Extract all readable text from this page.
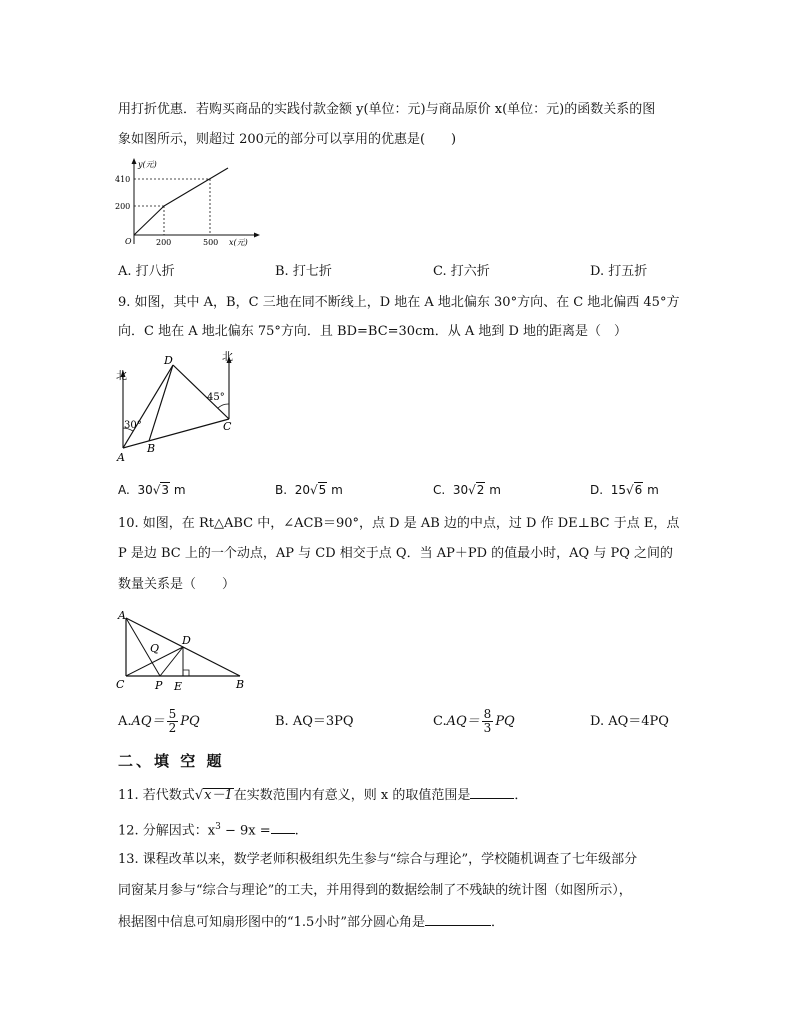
用打折优惠．若购买商品的实践付款金额 y(单位：元)与商品原价 x(单位：元)的函数关系的图
象如图所示，则超过 200元的部分可以享用的优惠是(　　)
y(元)
410
200
O	200	500 x(元)
A. 打八折	B. 打七折	C. 打六折	D. 打五折
9. 如图，其中 A，B，C 三地在同不断线上，D 地在 A 地北偏东 30°方向、在 C 地北偏西 45°方
向．C 地在 A 地北偏东 75°方向．且 BD=BC=30cm．从 A 地到 D 地的距离是（　）
北
北
30°
45°
A
B
C
D
A. 30√3 m	B. 20√5 m	C. 30√2 m	D. 15√6 m
10. 如图，在 Rt△ABC 中，∠ACB＝90°，点 D 是 AB 边的中点，过 D 作 DE⊥BC 于点 E，点
P 是边 BC 上的一个动点，AP 与 CD 相交于点 Q．当 AP＋PD 的值最小时，AQ 与 PQ 之间的
数量关系是（　　）
A
Q
D
C	P E	B
$A.AQ= \frac{5}{2}$ PQ	B. AQ＝3PQ	$C.AQ= \frac{8}{3}$ PQ	D. AQ＝4PQ
二、填 空 题
11. 若代数式√x－1在实数范围内有意义，则 x 的取值范围是	．
12. 分解因式：$x^3 - 9x$ = .
13. 课程改革以来，数学老师积极组织先生参与“综合与理论”，学校随机调查了七年级部分
同窗某月参与“综合与理论”的工夫，并用得到的数据绘制了不残缺的统计图（如图所示），
根据图中信息可知扇形图中的“1.5小时”部分圆心角是	．
